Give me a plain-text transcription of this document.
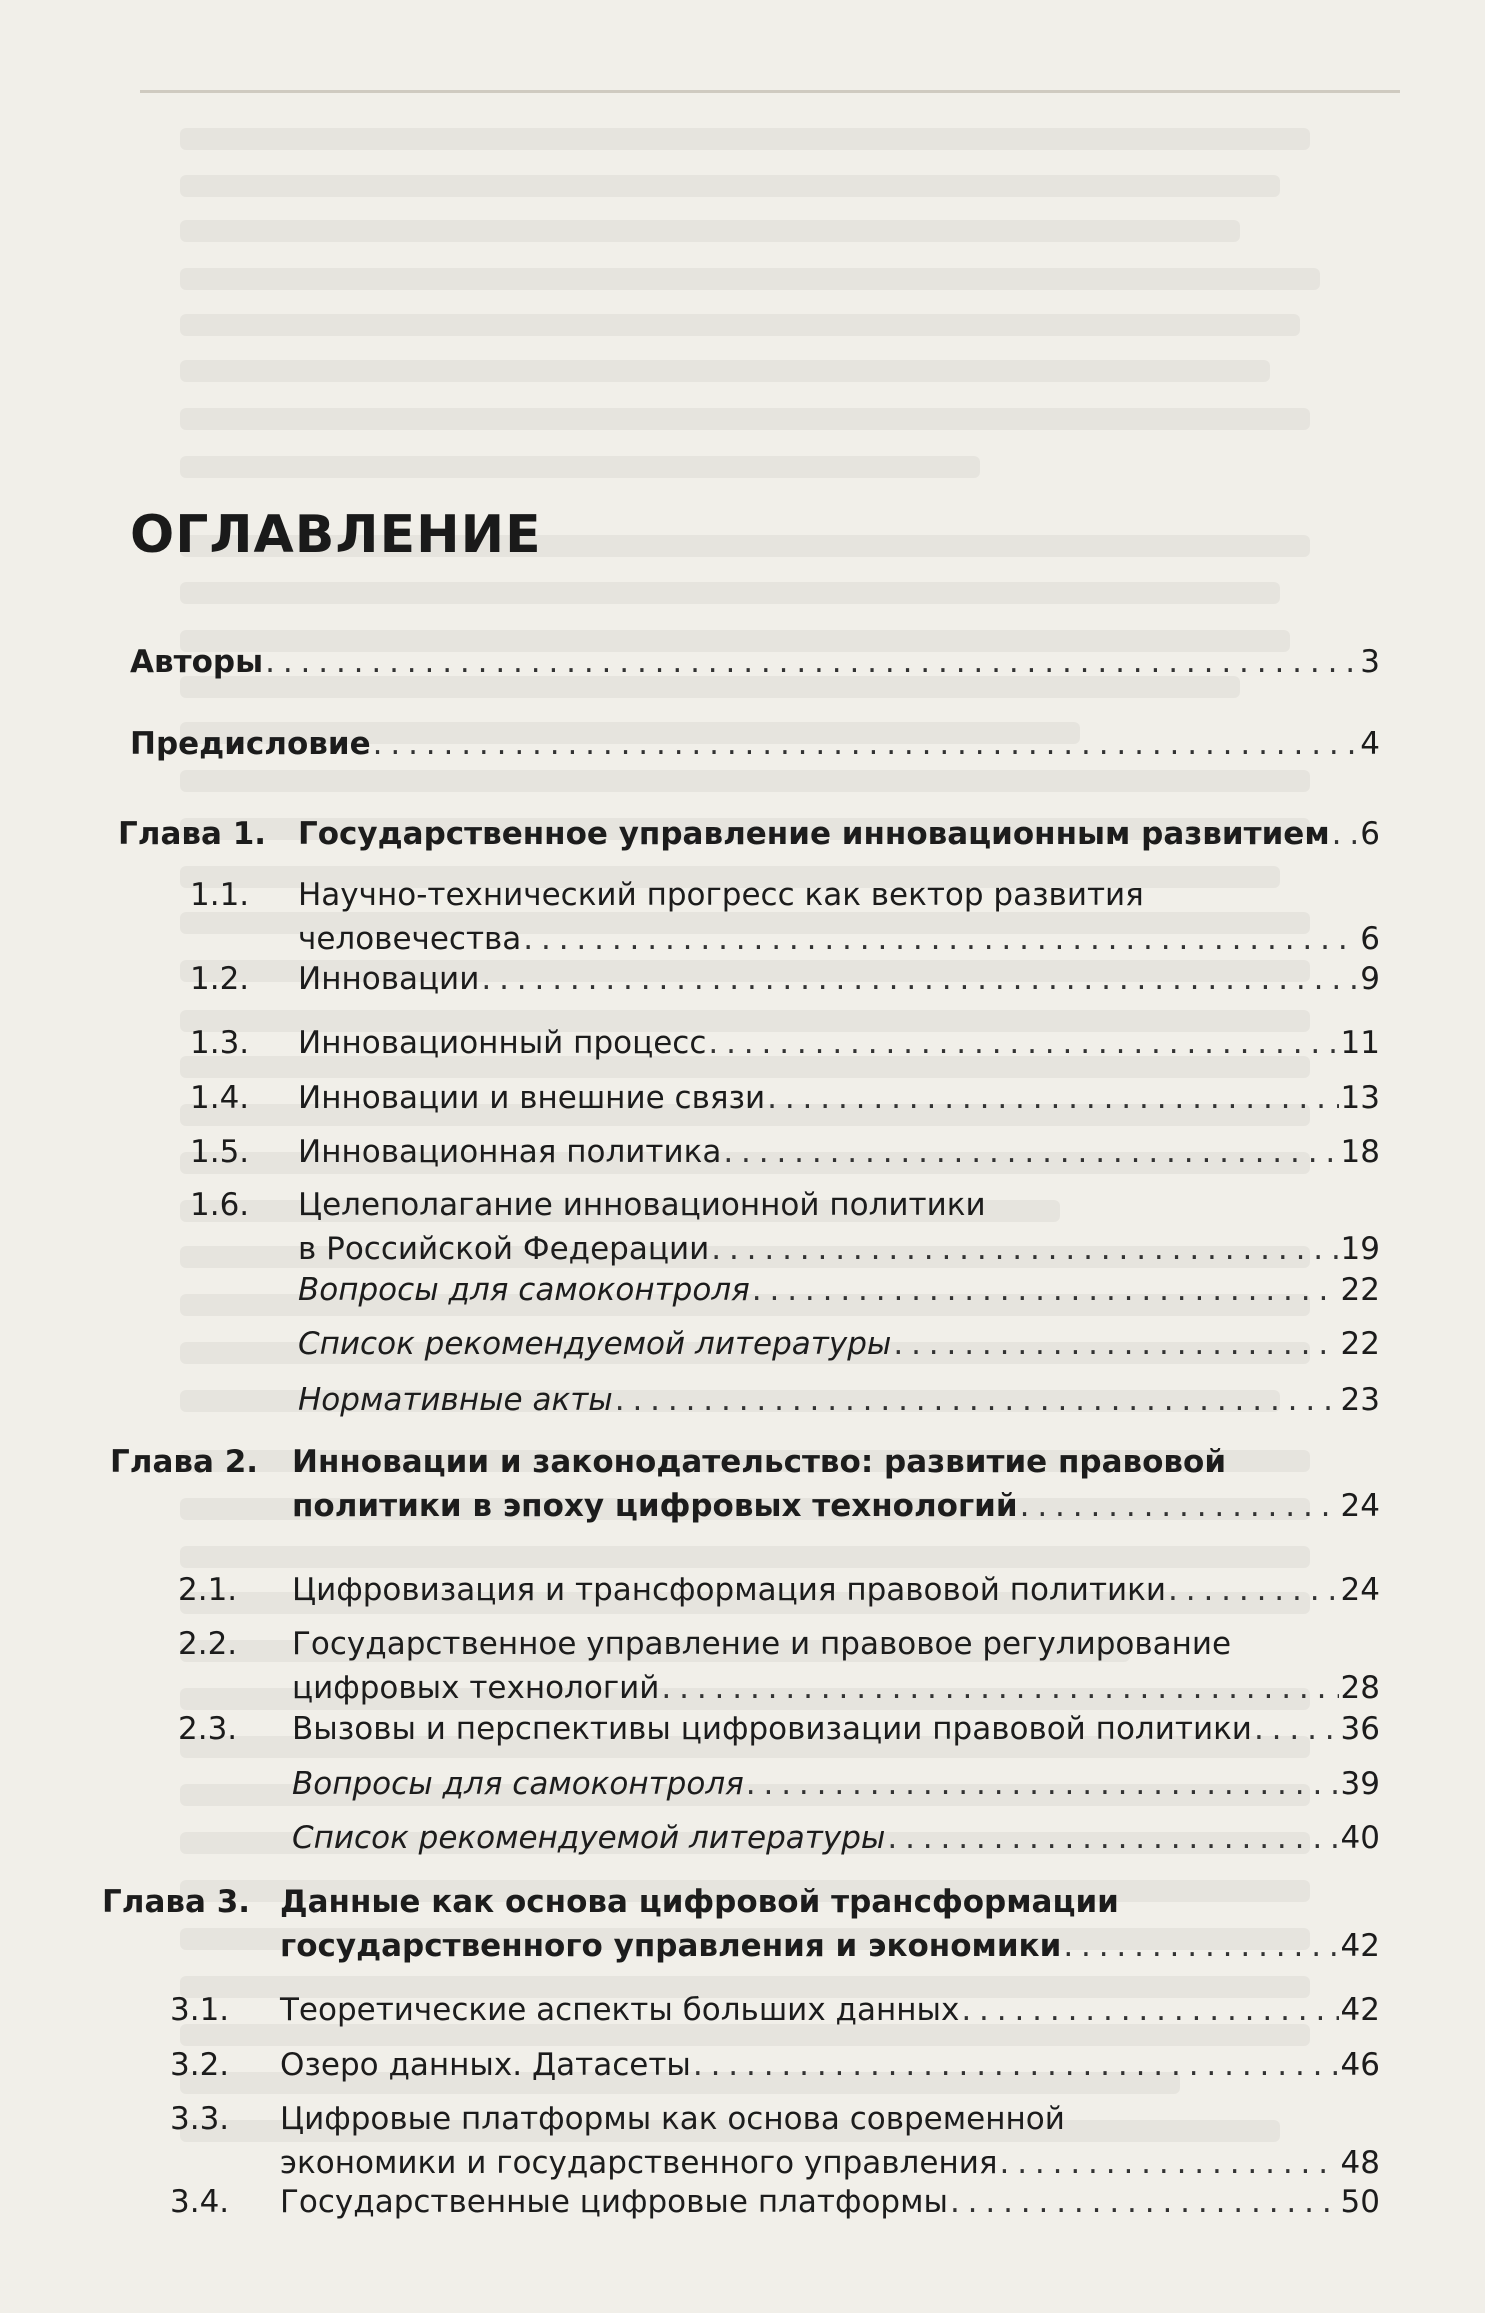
ОГЛАВЛЕНИЕ
Авторы . . .	3
Предисловие . . .	4
Глава 1. Государственное управление инновационным развитием . . . 6
1.1. Научно-технический прогресс как вектор развития
человечества . . .	6
1.2. Инновации . . .	9
1.3. Инновационный процесс . . .	11
1.4. Инновации и внешние связи . . .	13
1.5. Инновационная политика . . .	18
1.6. Целеполагание инновационной политики
в Российской Федерации . . .	19
Вопросы для самоконтроля . . .	22
Список рекомендуемой литературы . . .	22
Нормативные акты . . .	23
Глава 2. Инновации и законодательство: развитие правовой
политики в эпоху цифровых технологий . . .	24
2.1. Цифровизация и трансформация правовой политики . . .	24
2.2. Государственное управление и правовое регулирование
цифровых технологий . . .	28
2.3. Вызовы и перспективы цифровизации правовой политики . . .	36
Вопросы для самоконтроля . . .	39
Список рекомендуемой литературы . . .	40
Глава 3. Данные как основа цифровой трансформации
государственного управления и экономики . . .	42
3.1. Теоретические аспекты больших данных . . .	42
3.2. Озеро данных. Датасеты . . .	46
3.3. Цифровые платформы как основа современной
экономики и государственного управления . . .	48
3.4. Государственные цифровые платформы . . .	50
